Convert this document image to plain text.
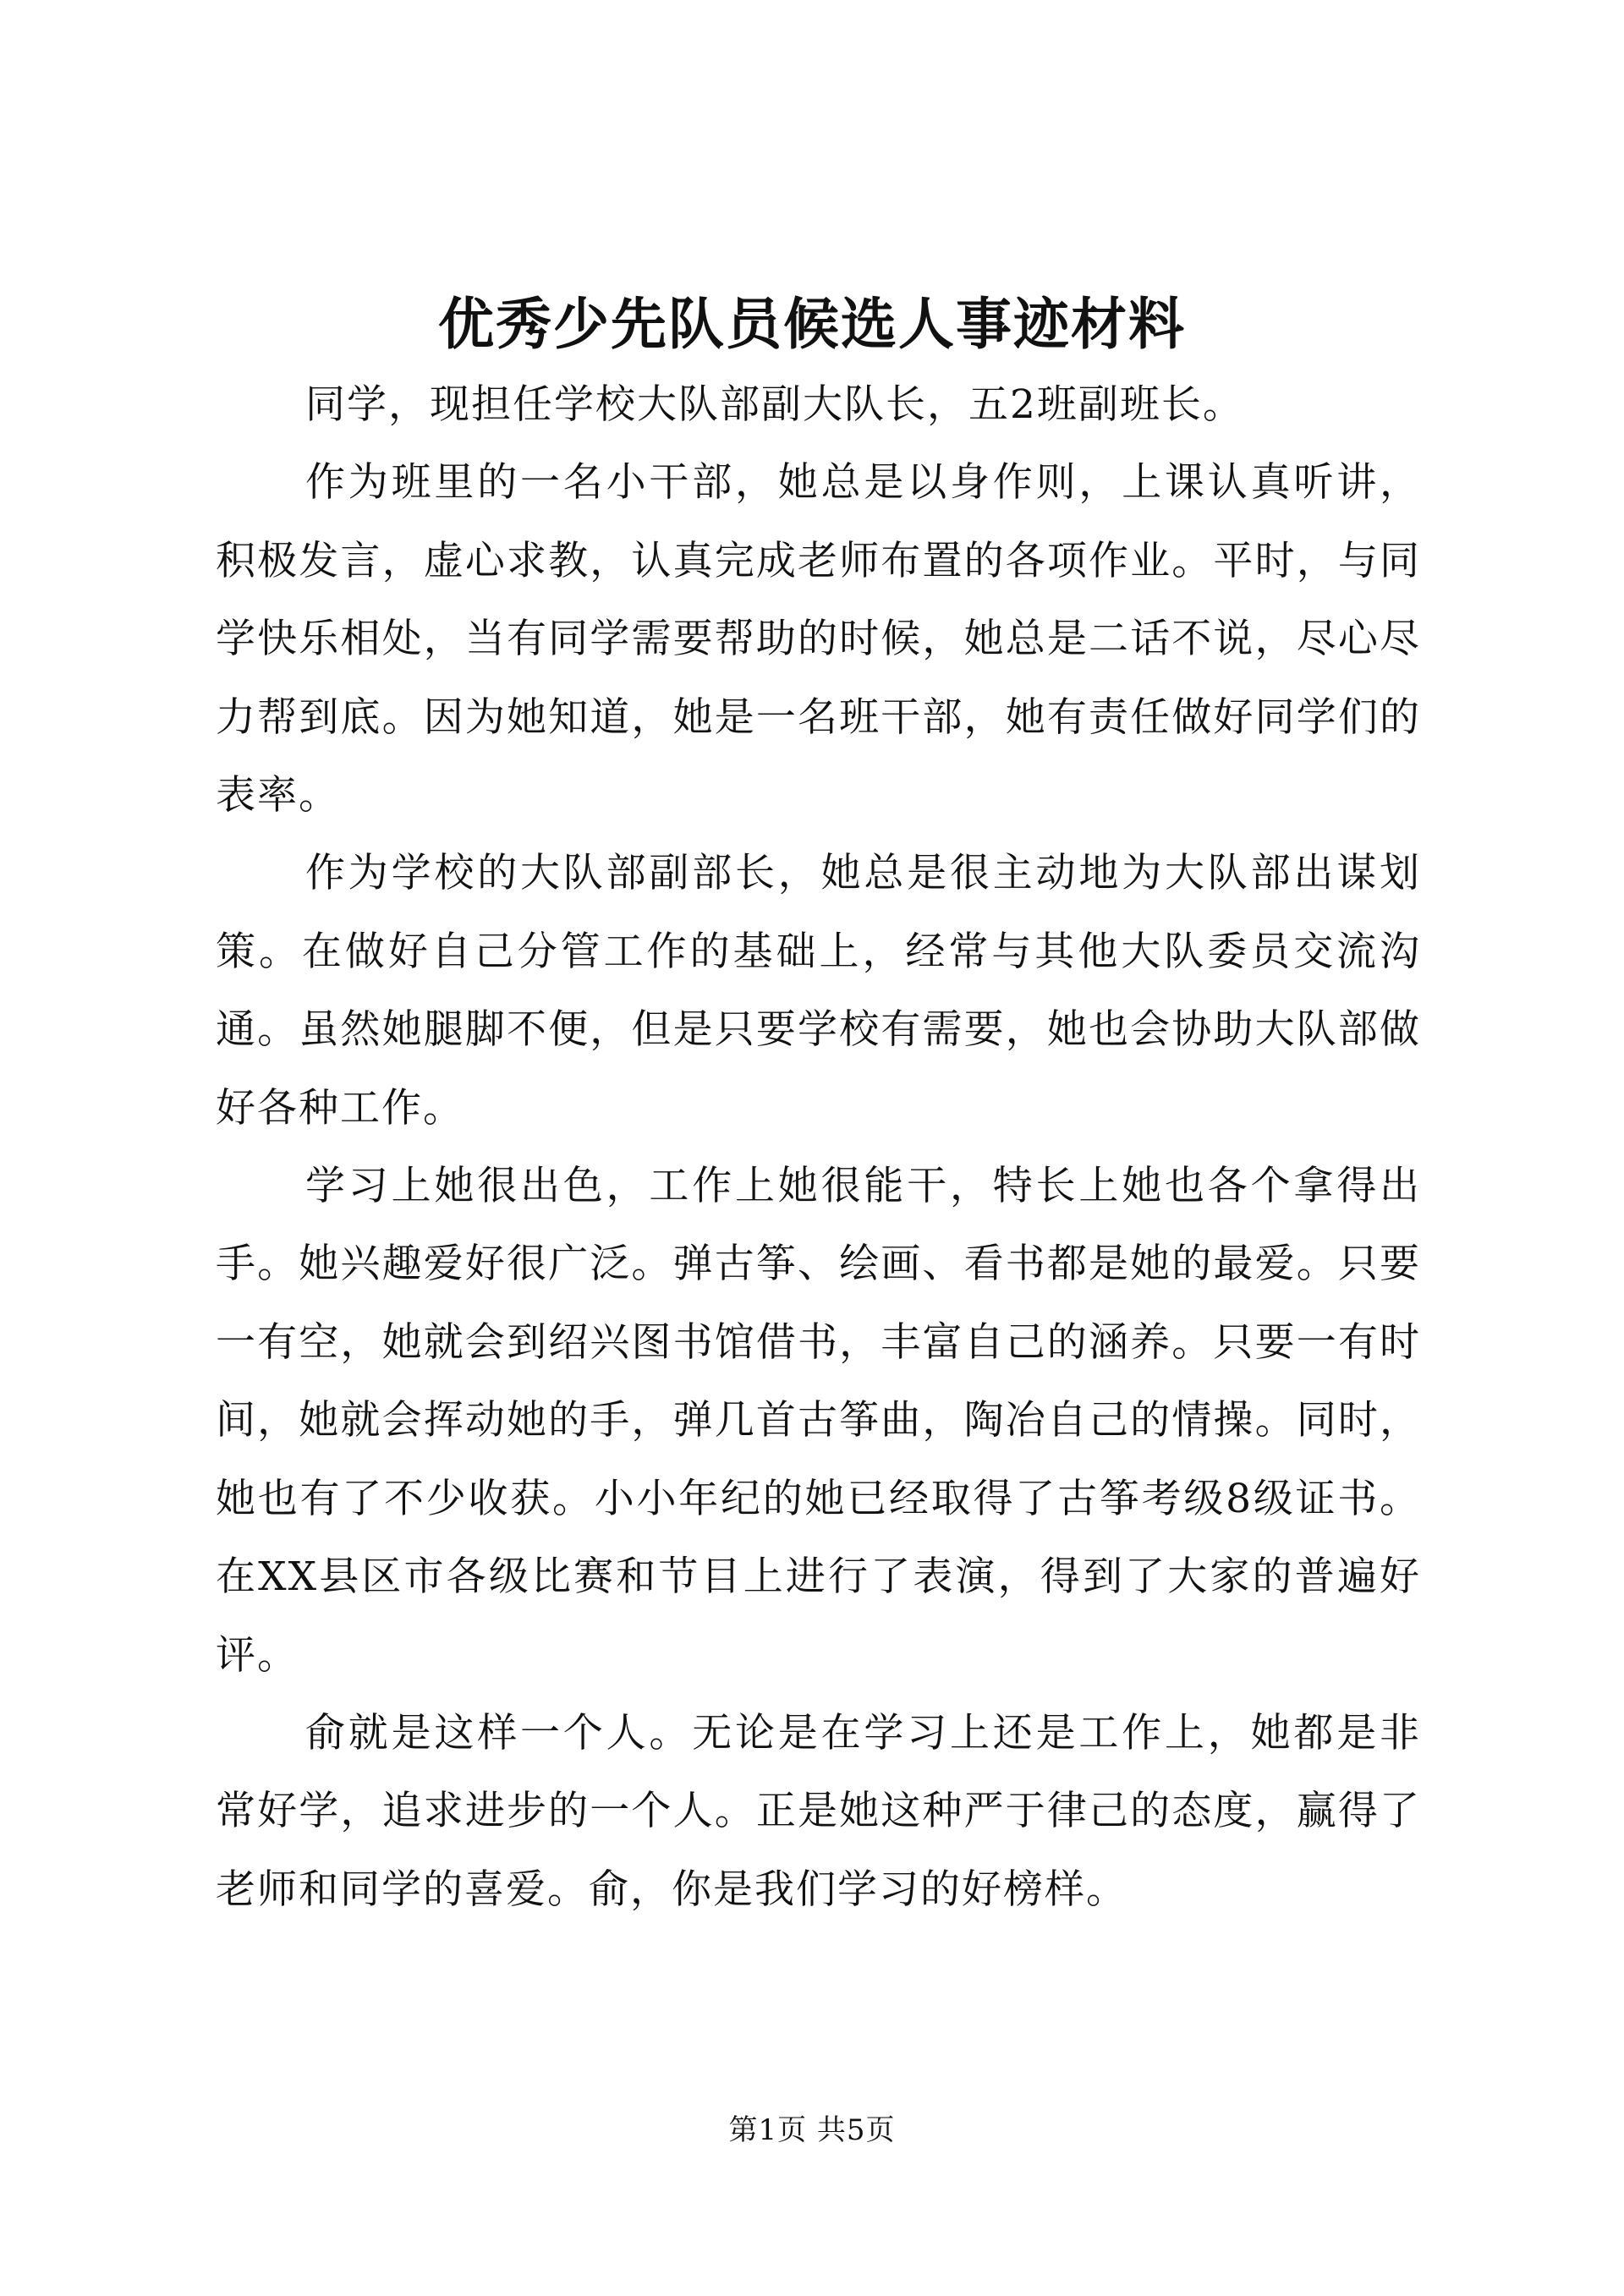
优秀少先队员候选人事迹材料

同学，现担任学校大队部副大队长，五2班副班长。

作为班里的一名小干部，她总是以身作则，上课认真听讲，积极发言，虚心求教，认真完成老师布置的各项作业。平时，与同学快乐相处，当有同学需要帮助的时候，她总是二话不说，尽心尽力帮到底。因为她知道，她是一名班干部，她有责任做好同学们的表率。

作为学校的大队部副部长，她总是很主动地为大队部出谋划策。在做好自己分管工作的基础上，经常与其他大队委员交流沟通。虽然她腿脚不便，但是只要学校有需要，她也会协助大队部做好各种工作。

学习上她很出色，工作上她很能干，特长上她也各个拿得出手。她兴趣爱好很广泛。弹古筝、绘画、看书都是她的最爱。只要一有空，她就会到绍兴图书馆借书，丰富自己的涵养。只要一有时间，她就会挥动她的手，弹几首古筝曲，陶冶自己的情操。同时，她也有了不少收获。小小年纪的她已经取得了古筝考级8级证书。在XX县区市各级比赛和节目上进行了表演，得到了大家的普遍好评。

俞就是这样一个人。无论是在学习上还是工作上，她都是非常好学，追求进步的一个人。正是她这种严于律己的态度，赢得了老师和同学的喜爱。俞，你是我们学习的好榜样。

第1页 共5页
